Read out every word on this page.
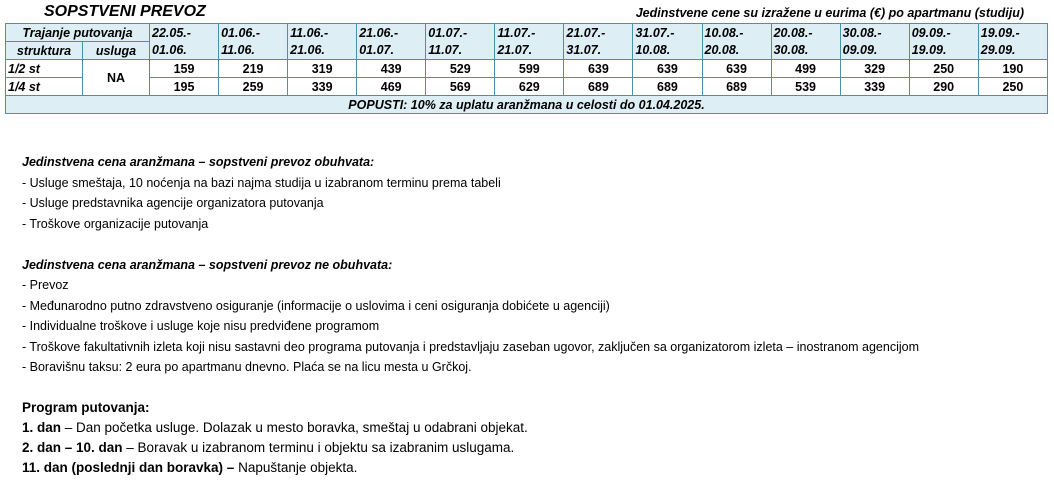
SOPSTVENI PREVOZ	Jedinstvene cene su izražene u eurima (€) po apartmanu (studiju)
Trajanje putovanja		22.05.-	01.06.-	11.06.-	21.06.-	01.07.-	11.07.-	21.07.-	31.07.-	10.08.-	20.08.-	30.08.-	09.09.-	19.09.-
struktura	usluga	01.06.	11.06.	21.06.	01.07.	11.07.	21.07.	31.07.	10.08.	20.08.	30.08.	09.09.	19.09.	29.09.
1/2 st	NA	159	219	319	439	529	599	639	639	639	499	329	250	190
1/4 st		195	259	339	469	569	629	689	689	689	539	339	290	250
POPUSTI: 10% za uplatu aranžmana u celosti do 01.04.2025.														

Jedinstvena cena aranžmana – sopstveni prevoz obuhvata:

- Usluge smeštaja, 10 noćenja na bazi najma studija u izabranom terminu prema tabeli

- Usluge predstavnika agencije organizatora putovanja

- Troškove organizacije putovanja

Jedinstvena cena aranžmana – sopstveni prevoz ne obuhvata:

- Prevoz

- Međunarodno putno zdravstveno osiguranje (informacije o uslovima i ceni osiguranja dobićete u agenciji)

- Individualne troškove i usluge koje nisu predviđene programom

- Troškove fakultativnih izleta koji nisu sastavni deo programa putovanja i predstavljaju zaseban ugovor, zaključen sa organizatorom izleta – inostranom agencijom

- Boravišnu taksu: 2 eura po apartmanu dnevno. Plaća se na licu mesta u Grčkoj.

Program putovanja:

1. dan – Dan početka usluge. Dolazak u mesto boravka, smeštaj u odabrani objekat.

2. dan – 10. dan – Boravak u izabranom terminu i objektu sa izabranim uslugama.

11. dan (poslednji dan boravka) – Napuštanje objekta.
